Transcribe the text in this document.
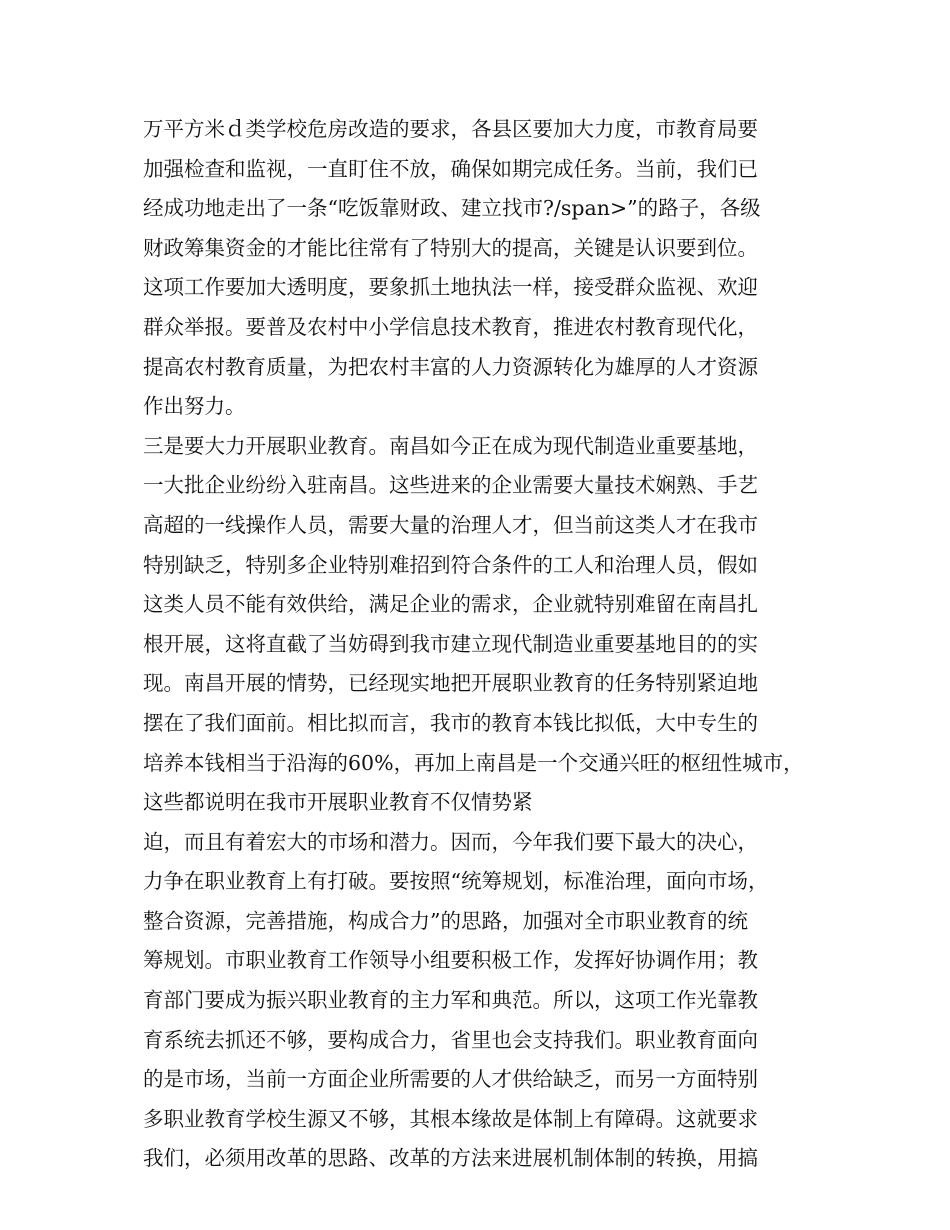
万平方米ｄ类学校危房改造的要求，各县区要加大力度，市教育局要
加强检查和监视，一直盯住不放，确保如期完成任务。当前，我们已
经成功地走出了一条“吃饭靠财政、建立找市?/span>”的路子，各级
财政筹集资金的才能比往常有了特别大的提高，关键是认识要到位。
这项工作要加大透明度，要象抓土地执法一样，接受群众监视、欢迎
群众举报。要普及农村中小学信息技术教育，推进农村教育现代化，
提高农村教育质量，为把农村丰富的人力资源转化为雄厚的人才资源
作出努力。
三是要大力开展职业教育。南昌如今正在成为现代制造业重要基地，
一大批企业纷纷入驻南昌。这些进来的企业需要大量技术娴熟、手艺
高超的一线操作人员，需要大量的治理人才，但当前这类人才在我市
特别缺乏，特别多企业特别难招到符合条件的工人和治理人员，假如
这类人员不能有效供给，满足企业的需求，企业就特别难留在南昌扎
根开展，这将直截了当妨碍到我市建立现代制造业重要基地目的的实
现。南昌开展的情势，已经现实地把开展职业教育的任务特别紧迫地
摆在了我们面前。相比拟而言，我市的教育本钱比拟低，大中专生的
培养本钱相当于沿海的60%，再加上南昌是一个交通兴旺的枢纽性城市，
这些都说明在我市开展职业教育不仅情势紧
迫，而且有着宏大的市场和潜力。因而，今年我们要下最大的决心，
力争在职业教育上有打破。要按照“统筹规划，标准治理，面向市场，
整合资源，完善措施，构成合力”的思路，加强对全市职业教育的统
筹规划。市职业教育工作领导小组要积极工作，发挥好协调作用；教
育部门要成为振兴职业教育的主力军和典范。所以，这项工作光靠教
育系统去抓还不够，要构成合力，省里也会支持我们。职业教育面向
的是市场，当前一方面企业所需要的人才供给缺乏，而另一方面特别
多职业教育学校生源又不够，其根本缘故是体制上有障碍。这就要求
我们，必须用改革的思路、改革的方法来进展机制体制的转换，用搞
